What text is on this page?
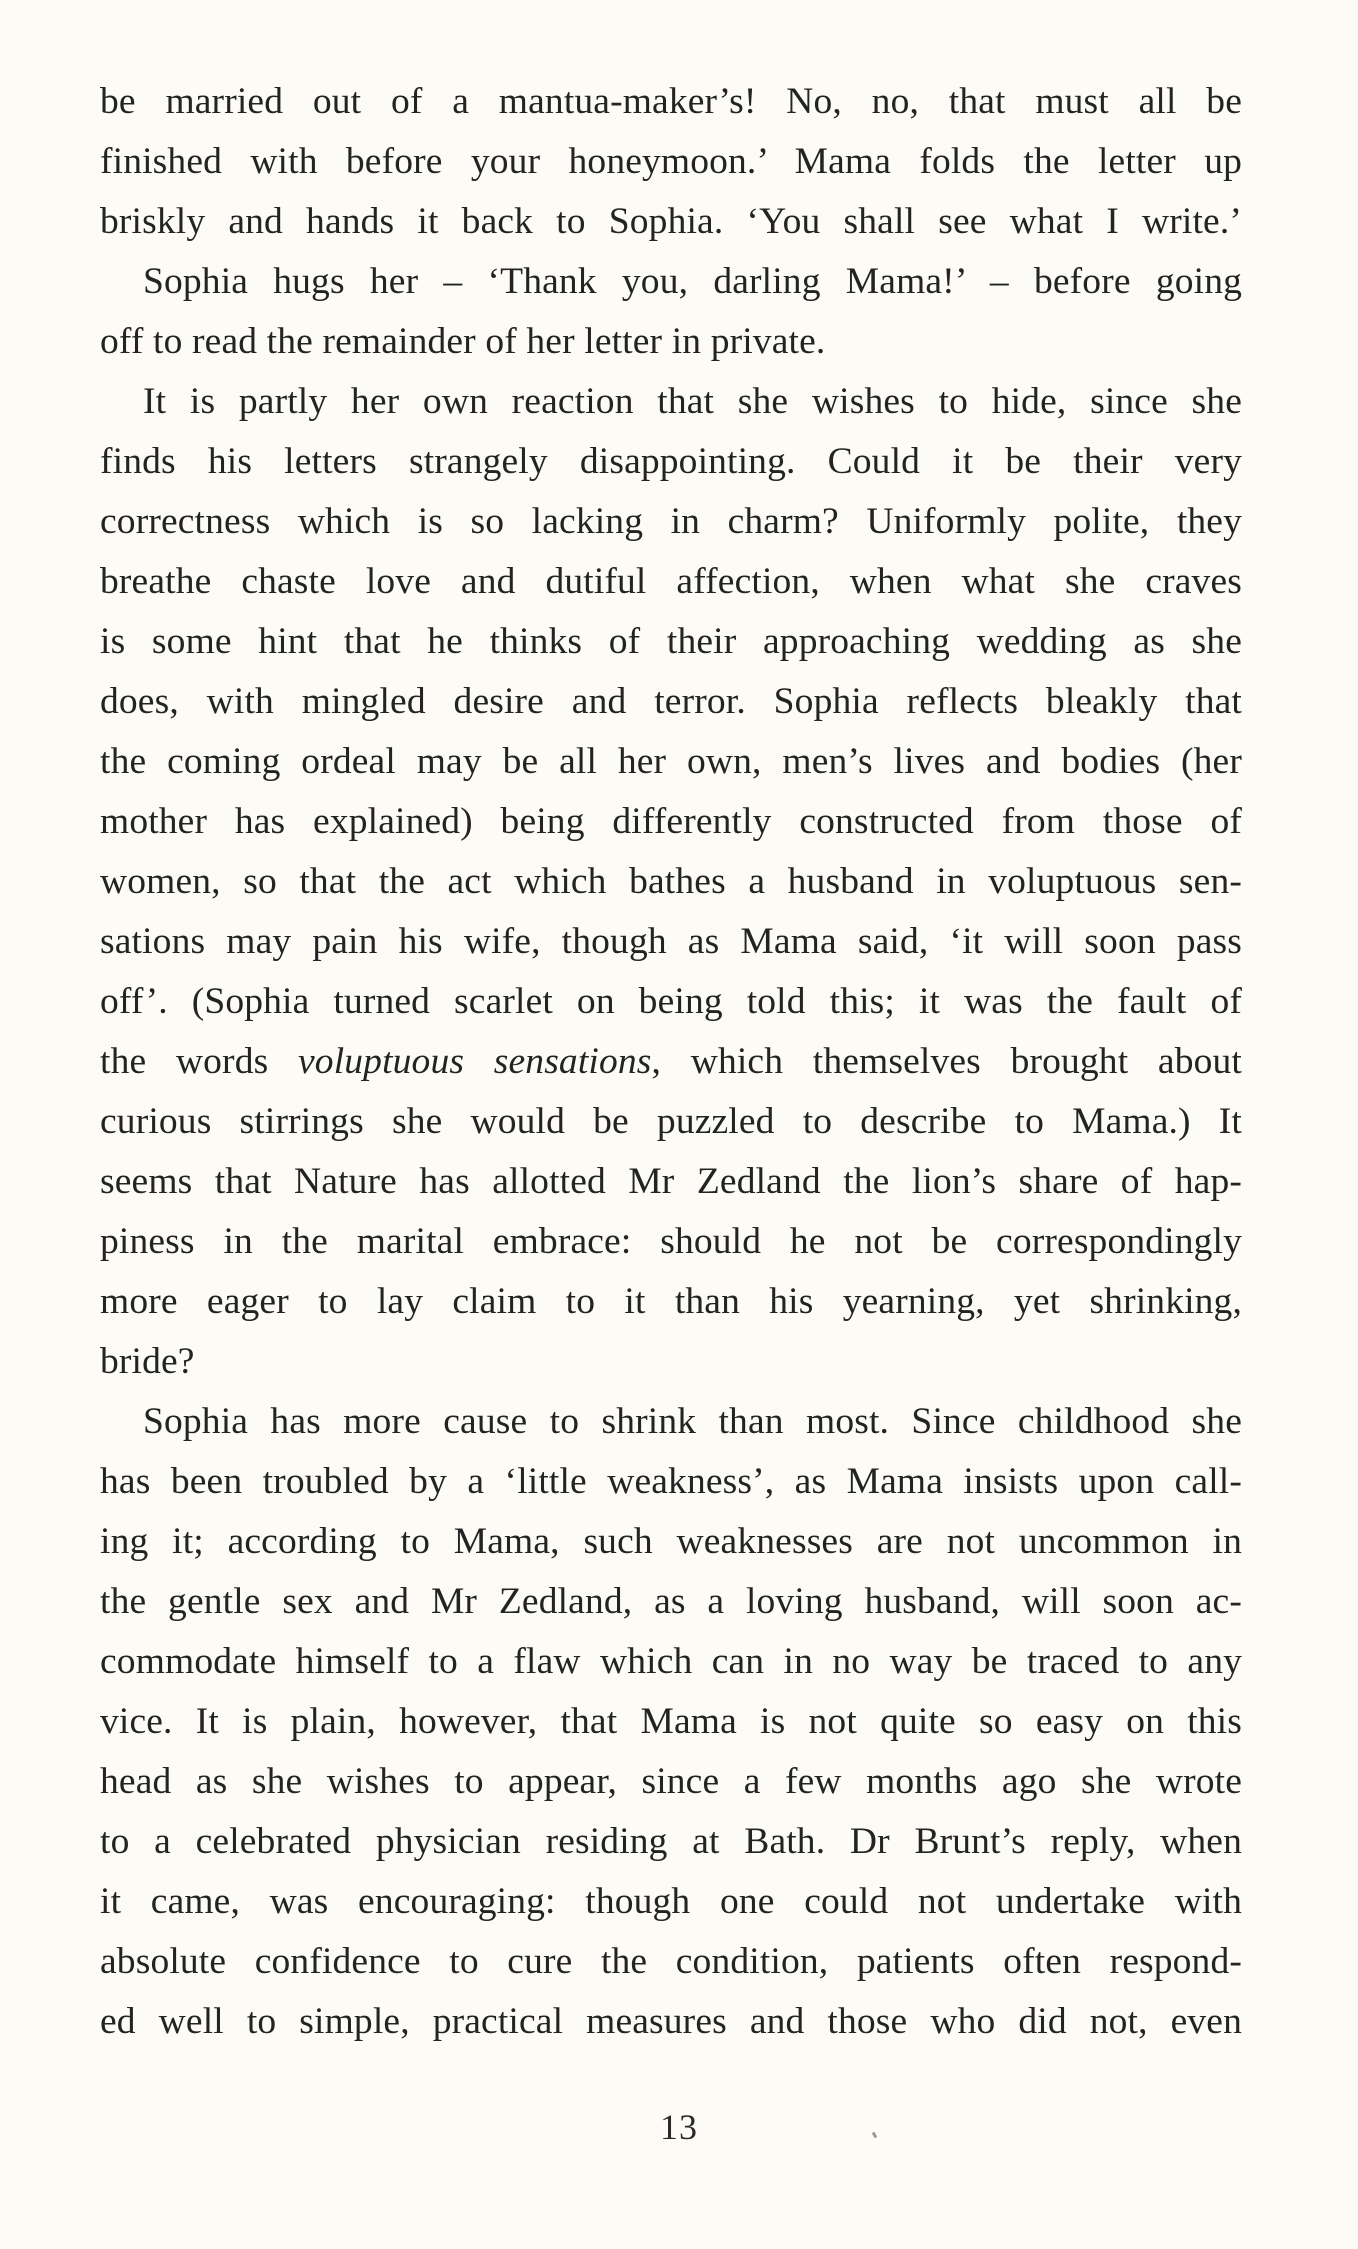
be married out of a mantua-maker’s! No, no, that must all be
finished with before your honeymoon.’ Mama folds the letter up
briskly and hands it back to Sophia. ‘You shall see what I write.’
Sophia hugs her – ‘Thank you, darling Mama!’ – before going
off to read the remainder of her letter in private.
It is partly her own reaction that she wishes to hide, since she
finds his letters strangely disappointing. Could it be their very
correctness which is so lacking in charm? Uniformly polite, they
breathe chaste love and dutiful affection, when what she craves
is some hint that he thinks of their approaching wedding as she
does, with mingled desire and terror. Sophia reflects bleakly that
the coming ordeal may be all her own, men’s lives and bodies (her
mother has explained) being differently constructed from those of
women, so that the act which bathes a husband in voluptuous sen-
sations may pain his wife, though as Mama said, ‘it will soon pass
off’. (Sophia turned scarlet on being told this; it was the fault of
the words voluptuous sensations, which themselves brought about
curious stirrings she would be puzzled to describe to Mama.) It
seems that Nature has allotted Mr Zedland the lion’s share of hap-
piness in the marital embrace: should he not be correspondingly
more eager to lay claim to it than his yearning, yet shrinking,
bride?
Sophia has more cause to shrink than most. Since childhood she
has been troubled by a ‘little weakness’, as Mama insists upon call-
ing it; according to Mama, such weaknesses are not uncommon in
the gentle sex and Mr Zedland, as a loving husband, will soon ac-
commodate himself to a flaw which can in no way be traced to any
vice. It is plain, however, that Mama is not quite so easy on this
head as she wishes to appear, since a few months ago she wrote
to a celebrated physician residing at Bath. Dr Brunt’s reply, when
it came, was encouraging: though one could not undertake with
absolute confidence to cure the condition, patients often respond-
ed well to simple, practical measures and those who did not, even
13
